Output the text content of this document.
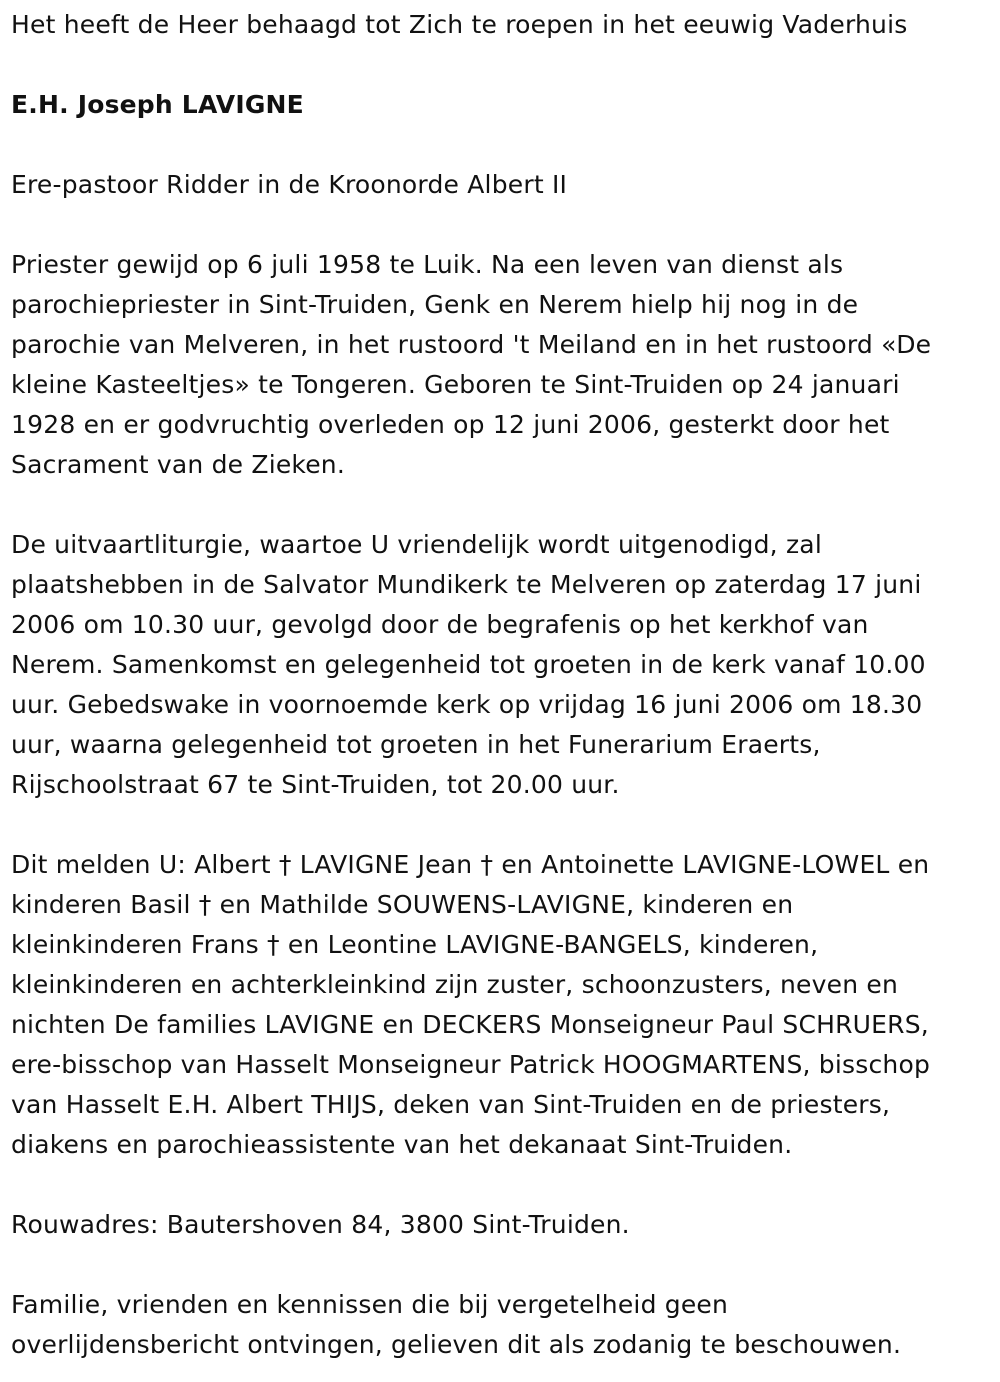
Het heeft de Heer behaagd tot Zich te roepen in het eeuwig Vaderhuis

E.H. Joseph LAVIGNE

Ere-pastoor Ridder in de Kroonorde Albert II

Priester gewijd op 6 juli 1958 te Luik. Na een leven van dienst als
parochiepriester in Sint-Truiden, Genk en Nerem hielp hij nog in de
parochie van Melveren, in het rustoord 't Meiland en in het rustoord «De
kleine Kasteeltjes» te Tongeren. Geboren te Sint-Truiden op 24 januari
1928 en er godvruchtig overleden op 12 juni 2006, gesterkt door het
Sacrament van de Zieken.

De uitvaartliturgie, waartoe U vriendelijk wordt uitgenodigd, zal
plaatshebben in de Salvator Mundikerk te Melveren op zaterdag 17 juni
2006 om 10.30 uur, gevolgd door de begrafenis op het kerkhof van
Nerem. Samenkomst en gelegenheid tot groeten in de kerk vanaf 10.00
uur. Gebedswake in voornoemde kerk op vrijdag 16 juni 2006 om 18.30
uur, waarna gelegenheid tot groeten in het Funerarium Eraerts,
Rijschoolstraat 67 te Sint-Truiden, tot 20.00 uur.

Dit melden U: Albert † LAVIGNE Jean † en Antoinette LAVIGNE-LOWEL en
kinderen Basil † en Mathilde SOUWENS-LAVIGNE, kinderen en
kleinkinderen Frans † en Leontine LAVIGNE-BANGELS, kinderen,
kleinkinderen en achterkleinkind zijn zuster, schoonzusters, neven en
nichten De families LAVIGNE en DECKERS Monseigneur Paul SCHRUERS,
ere-bisschop van Hasselt Monseigneur Patrick HOOGMARTENS, bisschop
van Hasselt E.H. Albert THIJS, deken van Sint-Truiden en de priesters,
diakens en parochieassistente van het dekanaat Sint-Truiden.

Rouwadres: Bautershoven 84, 3800 Sint-Truiden.

Familie, vrienden en kennissen die bij vergetelheid geen
overlijdensbericht ontvingen, gelieven dit als zodanig te beschouwen.
